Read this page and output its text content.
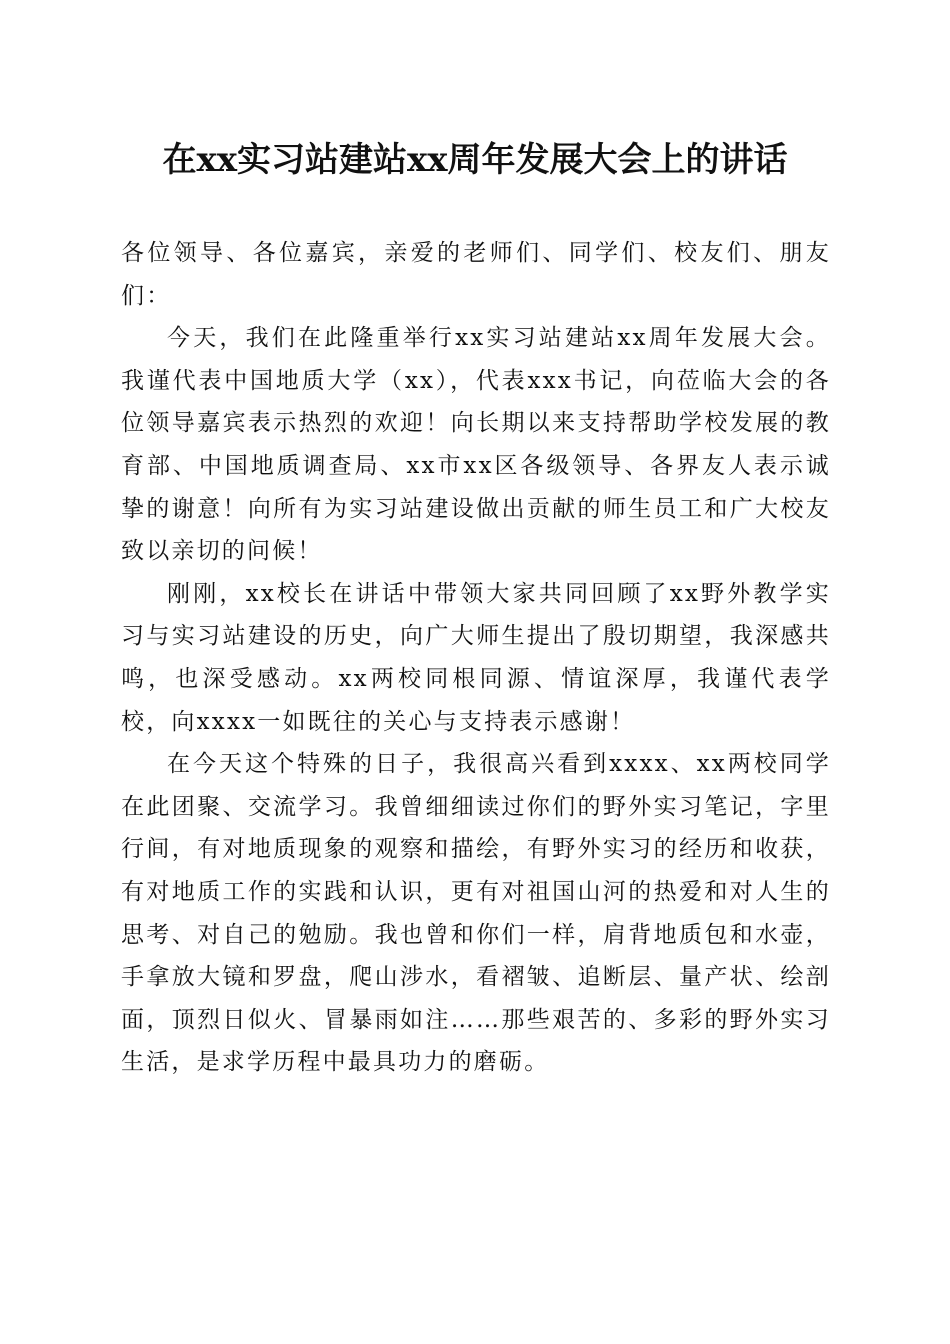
在xx实习站建站xx周年发展大会上的讲话

各位领导、各位嘉宾，亲爱的老师们、同学们、校友们、朋友们：

今天，我们在此隆重举行xx实习站建站xx周年发展大会。我谨代表中国地质大学（xx），代表xxx书记，向莅临大会的各位领导嘉宾表示热烈的欢迎！向长期以来支持帮助学校发展的教育部、中国地质调查局、xx市xx区各级领导、各界友人表示诚挚的谢意！向所有为实习站建设做出贡献的师生员工和广大校友致以亲切的问候！

刚刚，xx校长在讲话中带领大家共同回顾了xx野外教学实习与实习站建设的历史，向广大师生提出了殷切期望，我深感共鸣，也深受感动。xx两校同根同源、情谊深厚，我谨代表学校，向xxxx一如既往的关心与支持表示感谢！

在今天这个特殊的日子，我很高兴看到xxxx、xx两校同学在此团聚、交流学习。我曾细细读过你们的野外实习笔记，字里行间，有对地质现象的观察和描绘，有野外实习的经历和收获，有对地质工作的实践和认识，更有对祖国山河的热爱和对人生的思考、对自己的勉励。我也曾和你们一样，肩背地质包和水壶，手拿放大镜和罗盘，爬山涉水，看褶皱、追断层、量产状、绘剖面，顶烈日似火、冒暴雨如注……那些艰苦的、多彩的野外实习生活，是求学历程中最具功力的磨砺。
